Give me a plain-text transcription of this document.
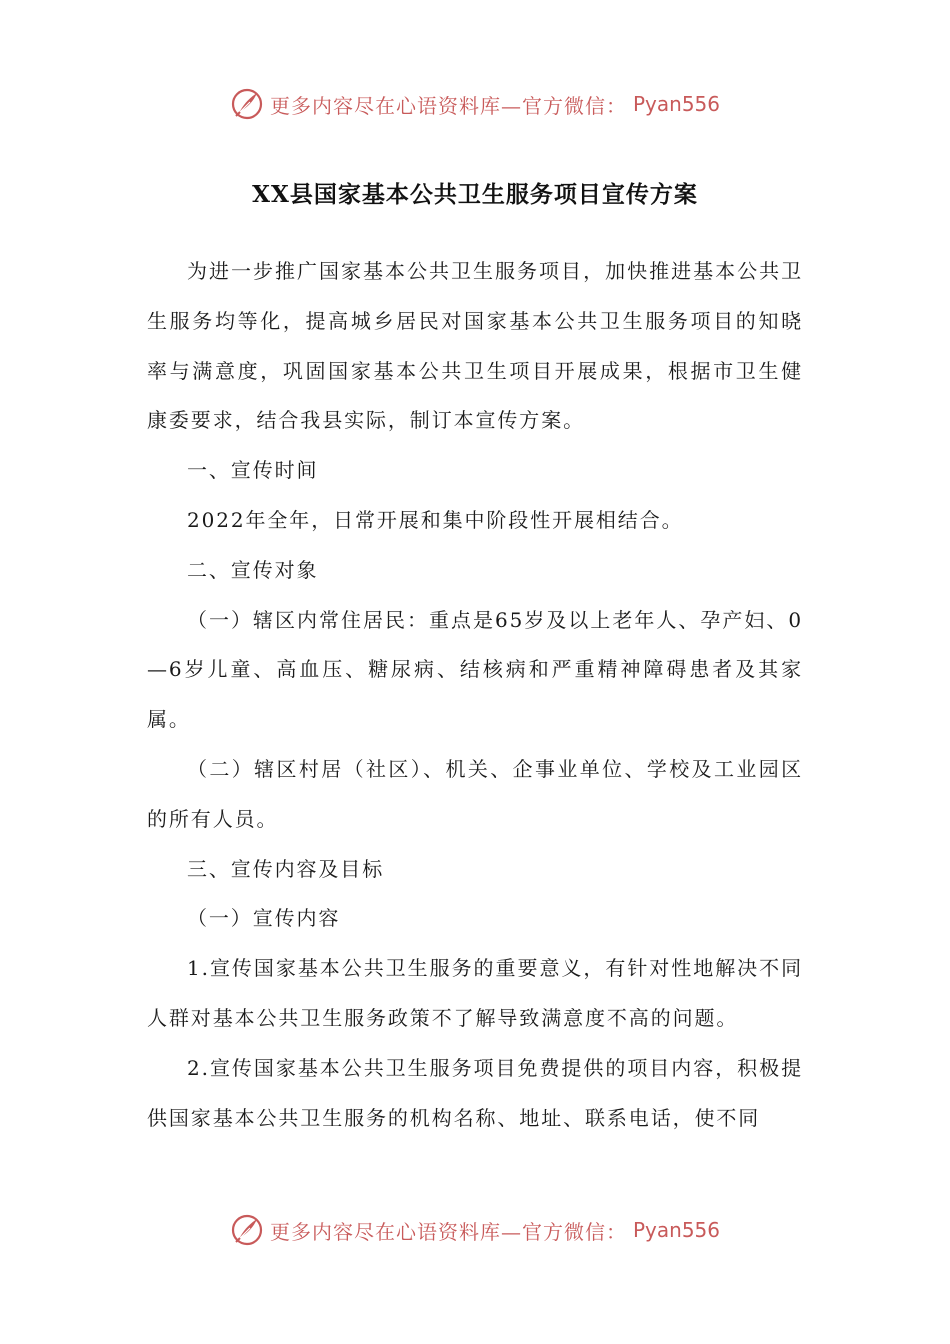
更多内容尽在心语资料库—官方微信： Pyan556
XX县国家基本公共卫生服务项目宣传方案

为进一步推广国家基本公共卫生服务项目，加快推进基本公共卫生服务均等化，提高城乡居民对国家基本公共卫生服务项目的知晓率与满意度，巩固国家基本公共卫生项目开展成果，根据市卫生健康委要求，结合我县实际，制订本宣传方案。

一、宣传时间

2022年全年，日常开展和集中阶段性开展相结合。

二、宣传对象

（一）辖区内常住居民：重点是65岁及以上老年人、孕产妇、0—6岁儿童、高血压、糖尿病、结核病和严重精神障碍患者及其家属。

（二）辖区村居（社区）、机关、企事业单位、学校及工业园区的所有人员。

三、宣传内容及目标

（一）宣传内容

1.宣传国家基本公共卫生服务的重要意义，有针对性地解决不同人群对基本公共卫生服务政策不了解导致满意度不高的问题。

2.宣传国家基本公共卫生服务项目免费提供的项目内容，积极提供国家基本公共卫生服务的机构名称、地址、联系电话，使不同

更多内容尽在心语资料库—官方微信： Pyan556
